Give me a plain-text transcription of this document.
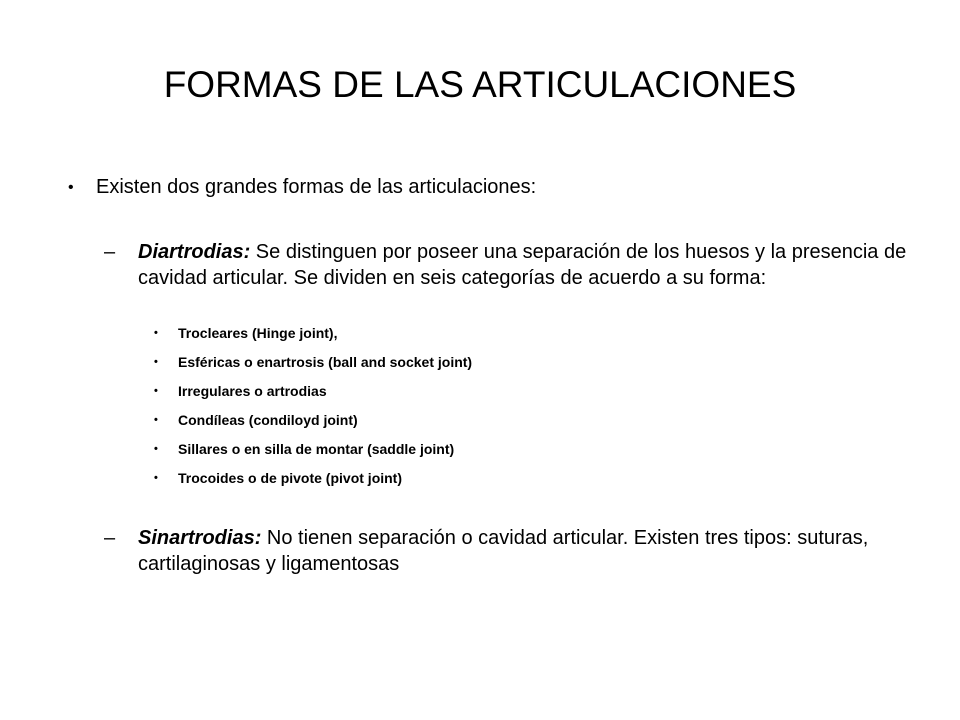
FORMAS DE LAS ARTICULACIONES
• Existen dos grandes formas de las articulaciones:
– Diartrodias: Se distinguen por poseer una separación de los huesos y la presencia de cavidad articular. Se dividen en seis categorías de acuerdo a su forma:
• Trocleares (Hinge joint),
• Esféricas o enartrosis (ball and socket joint)
• Irregulares o artrodias
• Condíleas (condiloyd joint)
• Sillares o en silla de montar (saddle joint)
• Trocoides o de pivote (pivot joint)
– Sinartrodias: No tienen separación o cavidad articular. Existen tres tipos: suturas, cartilaginosas y ligamentosas
